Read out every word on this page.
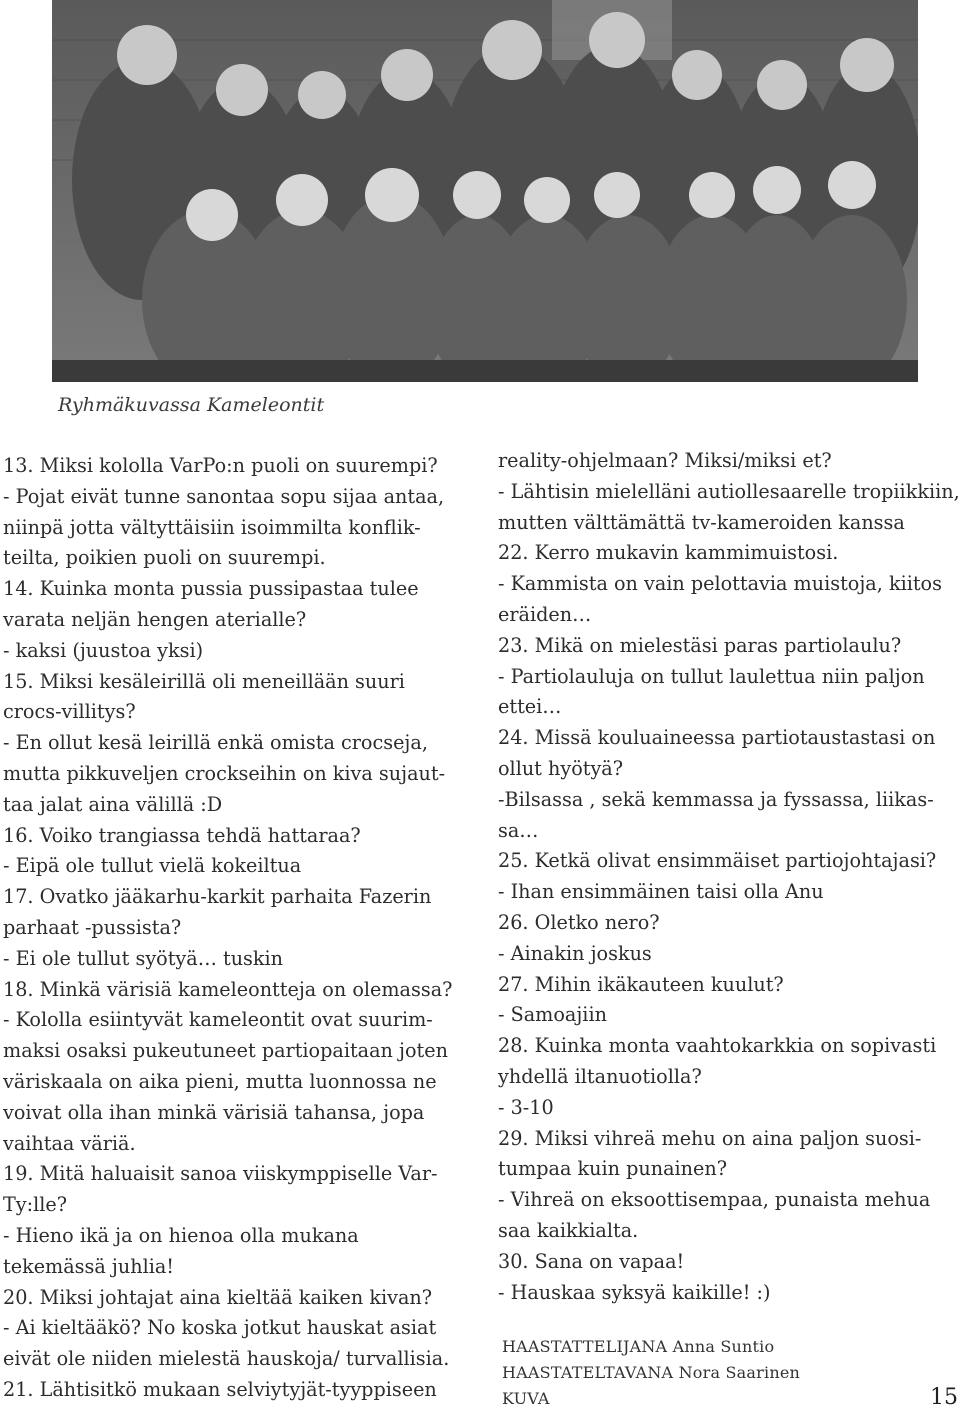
Ryhmäkuvassa Kameleontit

13. Miksi kololla VarPo:n puoli on suurempi?

- Pojat eivät tunne sanontaa sopu sijaa antaa,

niinpä jotta vältyttäisiin isoimmilta konflik-

teilta, poikien puoli on suurempi.

14. Kuinka monta pussia pussipastaa tulee

varata neljän hengen aterialle?

- kaksi (juustoa yksi)

15. Miksi kesäleirillä oli meneillään suuri

crocs-villitys?

- En ollut kesä leirillä enkä omista crocseja,

mutta pikkuveljen crockseihin on kiva sujaut-

taa jalat aina välillä :D

16. Voiko trangiassa tehdä hattaraa?

- Eipä ole tullut vielä kokeiltua

17. Ovatko jääkarhu-karkit parhaita Fazerin

parhaat -pussista?

- Ei ole tullut syötyä… tuskin

18. Minkä värisiä kameleontteja on olemassa?

- Kololla esiintyvät kameleontit ovat suurim-

maksi osaksi pukeutuneet partiopaitaan joten

väriskaala on aika pieni, mutta luonnossa ne

voivat olla ihan minkä värisiä tahansa, jopa

vaihtaa väriä.

19. Mitä haluaisit sanoa viiskymppiselle Var-

Ty:lle?

- Hieno ikä ja on hienoa olla mukana

tekemässä juhlia!

20. Miksi johtajat aina kieltää kaiken kivan?

- Ai kieltääkö? No koska jotkut hauskat asiat

eivät ole niiden mielestä hauskoja/ turvallisia.

21. Lähtisitkö mukaan selviytyjät-tyyppiseen

reality-ohjelmaan? Miksi/miksi et?

- Lähtisin mielelläni autiollesaarelle tropiikkiin,

mutten välttämättä tv-kameroiden kanssa

22. Kerro mukavin kammimuistosi.

- Kammista on vain pelottavia muistoja, kiitos

eräiden…

23. Mikä on mielestäsi paras partiolaulu?

- Partiolauluja on tullut laulettua niin paljon

ettei…

24. Missä kouluaineessa partiotaustastasi on

ollut hyötyä?

-Bilsassa , sekä kemmassa ja fyssassa, liikas-

sa…

25. Ketkä olivat ensimmäiset partiojohtajasi?

- Ihan ensimmäinen taisi olla Anu

26. Oletko nero?

- Ainakin joskus

27. Mihin ikäkauteen kuulut?

- Samoajiin

28. Kuinka monta vaahtokarkkia on sopivasti

yhdellä iltanuotiolla?

- 3-10

29. Miksi vihreä mehu on aina paljon suosi-

tumpaa kuin punainen?

- Vihreä on eksoottisempaa, punaista mehua

saa kaikkialta.

30. Sana on vapaa!

- Hauskaa syksyä kaikille! :)

HAASTATTELIJANA Anna Suntio
HAASTATELTAVANA Nora Saarinen
KUVA	15
